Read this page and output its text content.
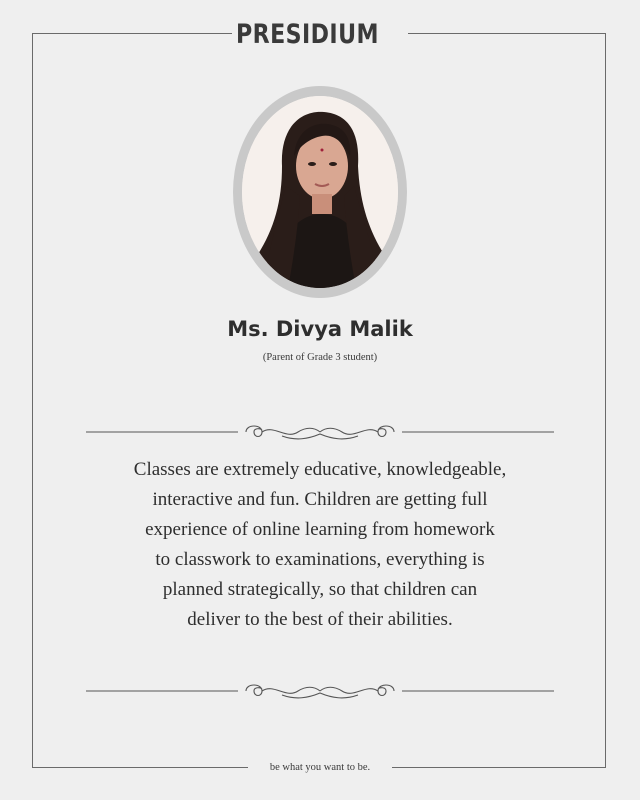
PRESIDIUM
Ms. Divya Malik
(Parent of Grade 3 student)
Classes are extremely educative, knowledgeable,
interactive and fun. Children are getting full
experience of online learning from homework
to classwork to examinations, everything is
planned strategically, so that children can
deliver to the best of their abilities.
be what you want to be.
